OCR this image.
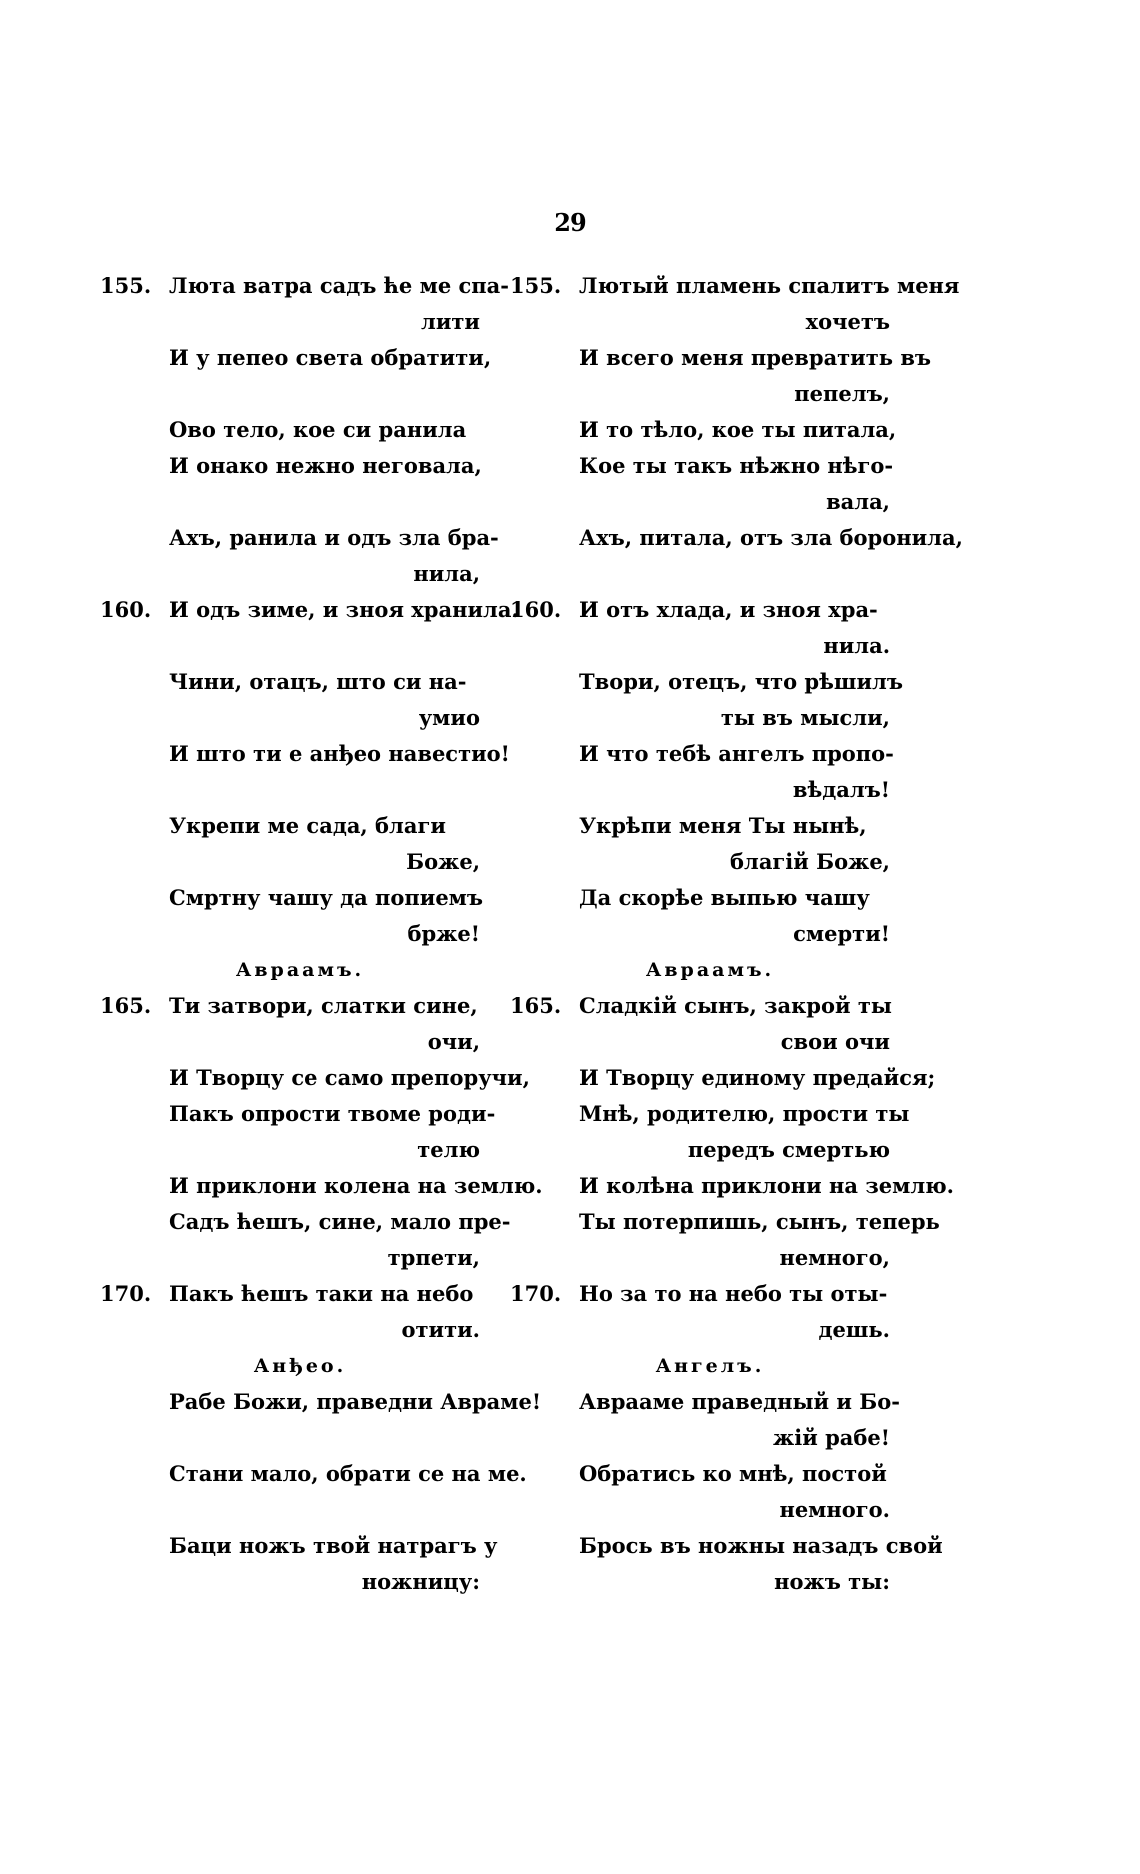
29
155. Люта ватра садъ ће ме спа-
лити
И у пепео света обратити,
Ово тело, кое си ранила
И онако нежно неговала,
Ахъ, ранила и одъ зла бра-
нила,
160. И одъ зиме, и зноя хранила.
Чини, отацъ, што си на-
умио
И што ти е анђео навестио!
Укрепи ме сада, благи
Боже,
Смртну чашу да попиемъ
брже!
Авраамъ.
165. Ти затвори, слатки сине,
очи,
И Творцу се само препоручи,
Пакъ опрости твоме роди-
телю
И приклони колена на землю.
Садъ ћешъ, сине, мало пре-
трпети,
170. Пакъ ћешъ таки на небо
отити.
Анђео.
Рабе Божи, праведни Авраме!
Стани мало, обрати се на ме.
Баци ножъ твой натрагъ у
ножницу:
155. Лютый пламень спалитъ меня
хочетъ
И всего меня превратить въ
пепелъ,
И то тѣло, кое ты питала,
Кое ты такъ нѣжно нѣго-
вала,
Ахъ, питала, отъ зла боронила,
160. И отъ хлада, и зноя хра-
нила.
Твори, отецъ, что рѣшилъ
ты въ мысли,
И что тебѣ ангелъ пропо-
вѣдалъ!
Укрѣпи меня Ты нынѣ,
благій Боже,
Да скорѣе выпью чашу
смерти!
Авраамъ.
165. Сладкій сынъ, закрой ты
свои очи
И Творцу единому предайся;
Мнѣ, родителю, прости ты
передъ смертью
И колѣна приклони на землю.
Ты потерпишь, сынъ, теперь
немного,
170. Но за то на небо ты оты-
дешь.
Ангелъ.
Аврааме праведный и Бо-
жій рабе!
Обратись ко мнѣ, постой
немного.
Брось въ ножны назадъ свой
ножъ ты:
